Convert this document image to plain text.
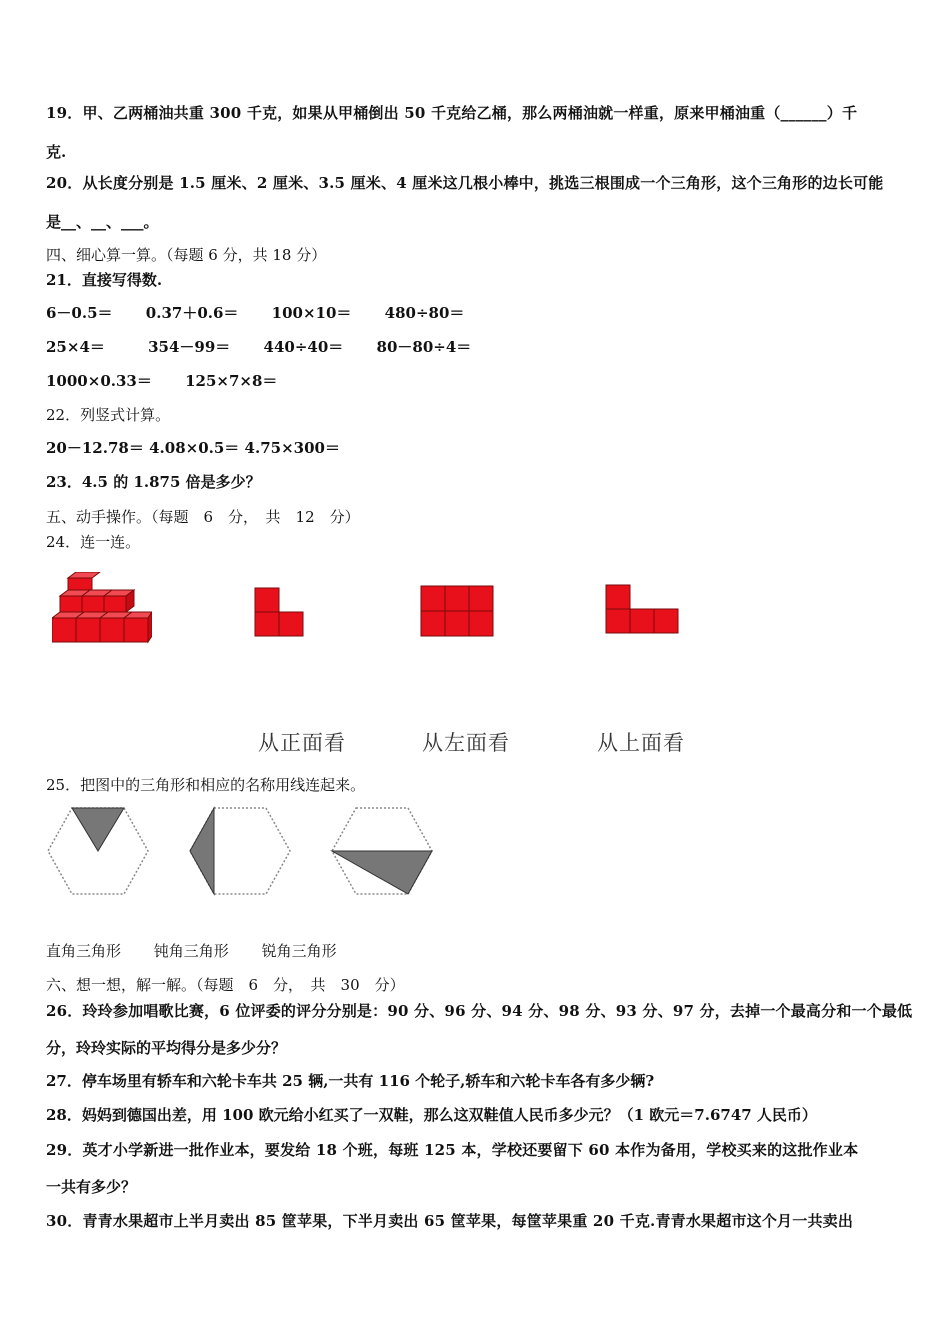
19．甲、乙两桶油共重 300 千克，如果从甲桶倒出 50 千克给乙桶，那么两桶油就一样重，原来甲桶油重（______）千
克.
20．从长度分别是 1.5 厘米、2 厘米、3.5 厘米、4 厘米这几根小棒中，挑选三根围成一个三角形，这个三角形的边长可能
是__、__、___。
四、细心算一算。（每题 6 分，共 18 分）
21．直接写得数.
6－0.5＝ 0.37＋0.6＝ 100×10＝ 480÷80＝
25×4＝	354－99＝ 440÷40＝ 80－80÷4＝
1000×0.33＝ 125×7×8＝
22．列竖式计算。
20－12.78＝ 4.08×0.5＝ 4.75×300＝
23．4.5 的 1.875 倍是多少？
五、动手操作。（每题　6　分，　共　12　分）
24．连一连。
从正面看	从左面看	从上面看
25．把图中的三角形和相应的名称用线连起来。
直角三角形 钝角三角形 锐角三角形
六、想一想，解一解。（每题　6　分，　共　30　分）
26．玲玲参加唱歌比赛，6 位评委的评分分别是：90 分、96 分、94 分、98 分、93 分、97 分，去掉一个最高分和一个最低
分，玲玲实际的平均得分是多少分？
27．停车场里有轿车和六轮卡车共 25 辆,一共有 116 个轮子,轿车和六轮卡车各有多少辆?
28．妈妈到德国出差，用 100 欧元给小红买了一双鞋，那么这双鞋值人民币多少元？（1 欧元＝7.6747 人民币）
29．英才小学新进一批作业本，要发给 18 个班，每班 125 本，学校还要留下 60 本作为备用，学校买来的这批作业本
一共有多少？
30．青青水果超市上半月卖出 85 筐苹果，下半月卖出 65 筐苹果，每筐苹果重 20 千克.青青水果超市这个月一共卖出
